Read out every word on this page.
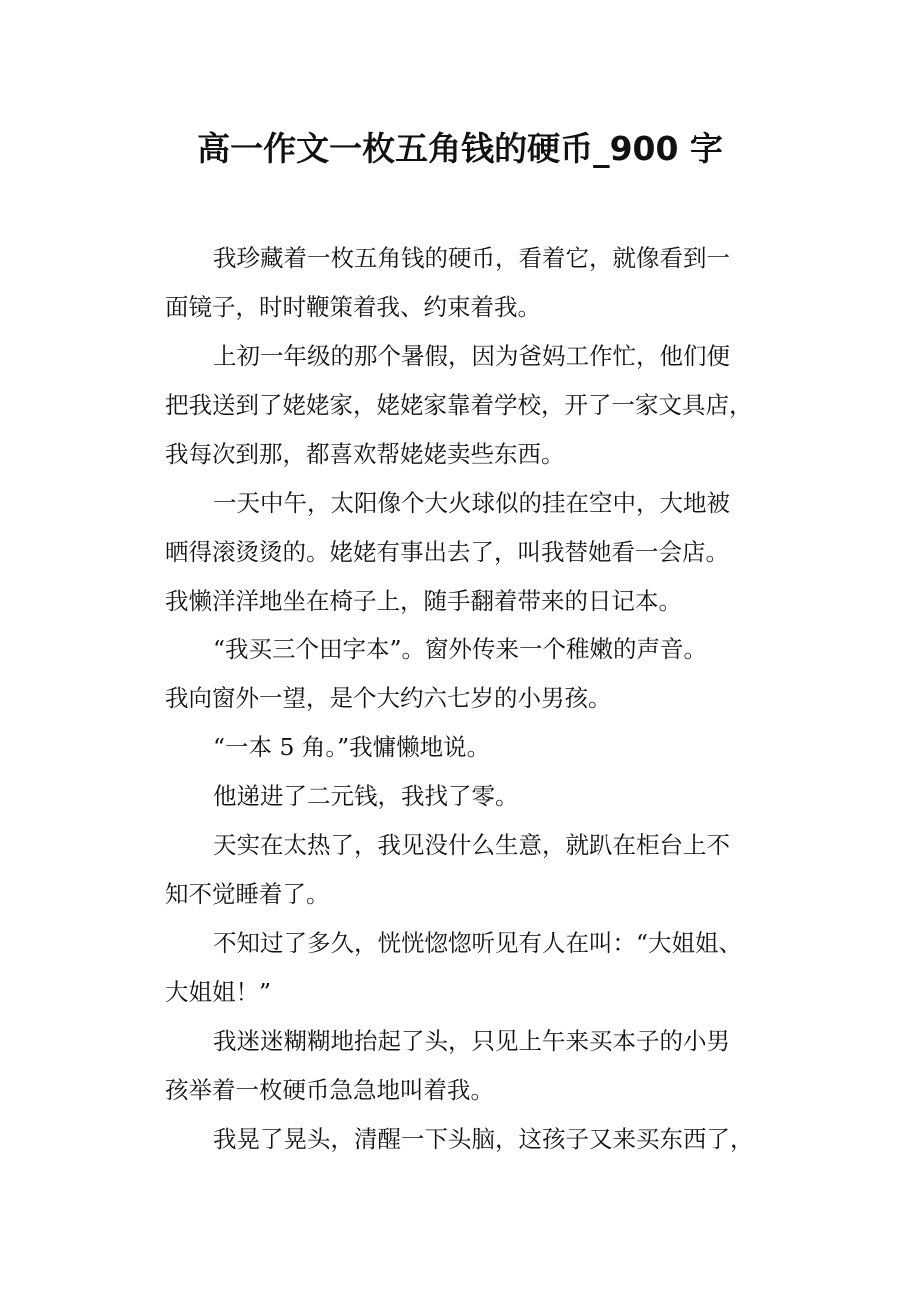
高一作文一枚五角钱的硬币_900 字

我珍藏着一枚五角钱的硬币，看着它，就像看到一

面镜子，时时鞭策着我、约束着我。

上初一年级的那个暑假，因为爸妈工作忙，他们便

把我送到了姥姥家，姥姥家靠着学校，开了一家文具店，

我每次到那，都喜欢帮姥姥卖些东西。

一天中午，太阳像个大火球似的挂在空中，大地被

晒得滚烫烫的。姥姥有事出去了，叫我替她看一会店。

我懒洋洋地坐在椅子上，随手翻着带来的日记本。

“我买三个田字本”。窗外传来一个稚嫩的声音。

我向窗外一望，是个大约六七岁的小男孩。

“一本 5 角。”我慵懒地说。

他递进了二元钱，我找了零。

天实在太热了，我见没什么生意，就趴在柜台上不

知不觉睡着了。

不知过了多久，恍恍惚惚听见有人在叫：“大姐姐、

大姐姐！”

我迷迷糊糊地抬起了头，只见上午来买本子的小男

孩举着一枚硬币急急地叫着我。

我晃了晃头，清醒一下头脑，这孩子又来买东西了，
